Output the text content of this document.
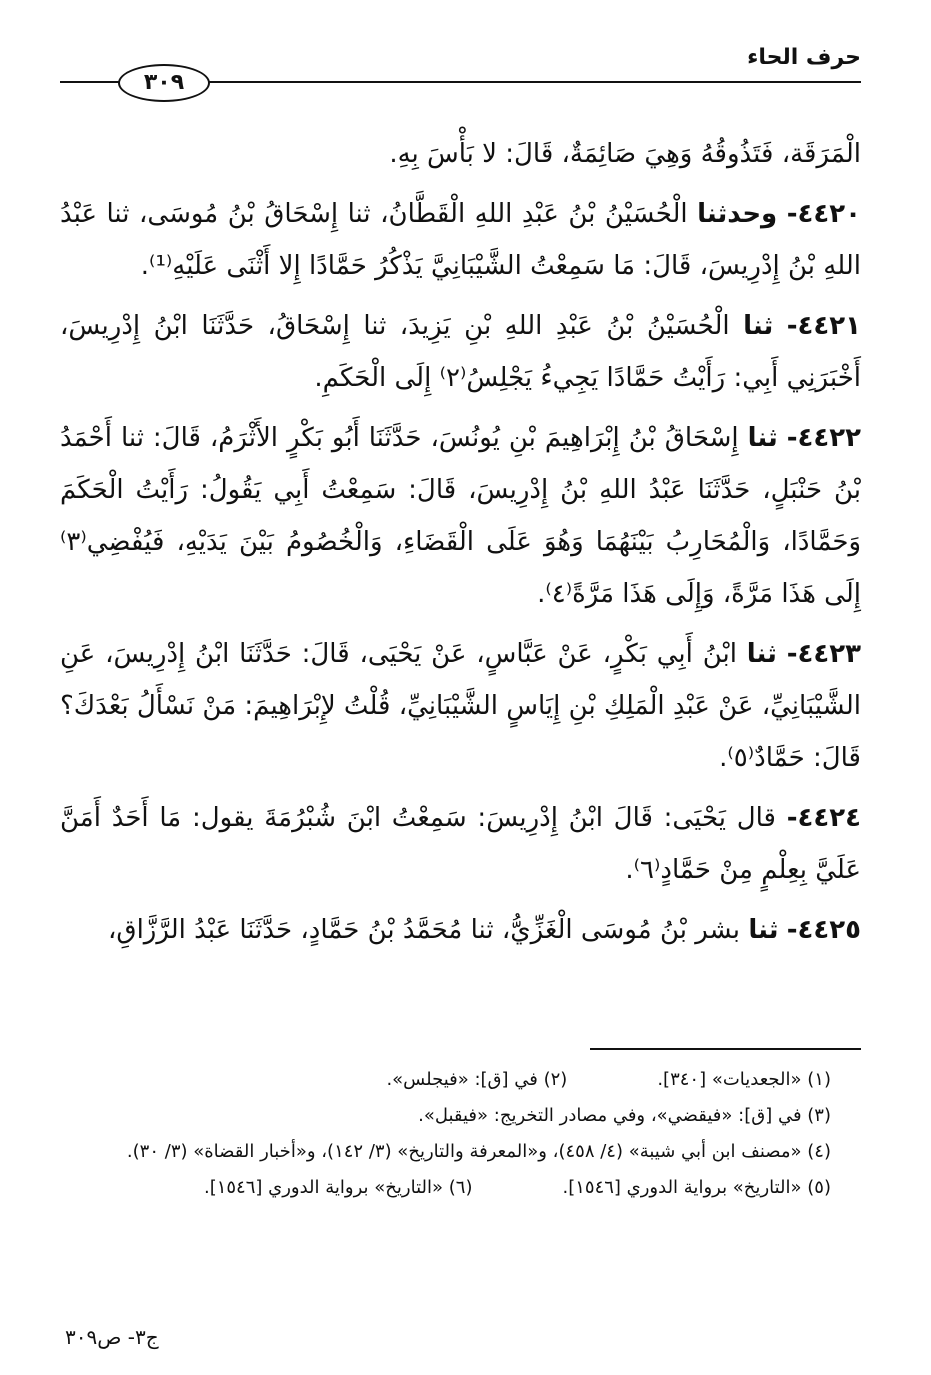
حرف الحاء
٣٠٩

الْمَرَقَة، فَتَذُوقُهُ وَهِيَ صَائِمَةٌ، قَالَ: لا بَأْسَ بِهِ.

٤٤٢٠- وحدثنا الْحُسَيْنُ بْنُ عَبْدِ اللهِ الْقَطَّانُ، ثنا إِسْحَاقُ بْنُ مُوسَى، ثنا عَبْدُ اللهِ بْنُ إِدْرِيسَ، قَالَ: مَا سَمِعْتُ الشَّيْبَانِيَّ يَذْكُرُ حَمَّادًا إِلا أَثْنَى عَلَيْهِ⁽¹⁾.

٤٤٢١- ثنا الْحُسَيْنُ بْنُ عَبْدِ اللهِ بْنِ يَزِيدَ، ثنا إِسْحَاقُ، حَدَّثَنَا ابْنُ إِدْرِيسَ، أَخْبَرَنِي أَبِي: رَأَيْتُ حَمَّادًا يَجِيءُ يَجْلِسُ⁽٢⁾ إِلَى الْحَكَمِ.

٤٤٢٢- ثنا إِسْحَاقُ بْنُ إِبْرَاهِيمَ بْنِ يُونُسَ، حَدَّثَنَا أَبُو بَكْرٍ الأَثْرَمُ، قَالَ: ثنا أَحْمَدُ بْنُ حَنْبَلٍ، حَدَّثَنَا عَبْدُ اللهِ بْنُ إِدْرِيسَ، قَالَ: سَمِعْتُ أَبِي يَقُولُ: رَأَيْتُ الْحَكَمَ وَحَمَّادًا، وَالْمُحَارِبُ بَيْنَهُمَا وَهُوَ عَلَى الْقَضَاءِ، وَالْخُصُومُ بَيْنَ يَدَيْهِ، فَيُفْضِي⁽٣⁾ إِلَى هَذَا مَرَّةً، وَإِلَى هَذَا مَرَّةً⁽٤⁾.

٤٤٢٣- ثنا ابْنُ أَبِي بَكْرٍ، عَنْ عَبَّاسٍ، عَنْ يَحْيَى، قَالَ: حَدَّثَنَا ابْنُ إِدْرِيسَ، عَنِ الشَّيْبَانِيِّ، عَنْ عَبْدِ الْمَلِكِ بْنِ إِيَاسٍ الشَّيْبَانِيِّ، قُلْتُ لإِبْرَاهِيمَ: مَنْ نَسْأَلُ بَعْدَكَ؟ قَالَ: حَمَّادٌ⁽٥⁾.

٤٤٢٤- قال يَحْيَى: قَالَ ابْنُ إِدْرِيسَ: سَمِعْتُ ابْنَ شُبْرُمَةَ يقول: مَا أَحَدٌ أَمَنَّ عَلَيَّ بِعِلْمٍ مِنْ حَمَّادٍ⁽٦⁾.

٤٤٢٥- ثنا بشر بْنُ مُوسَى الْغَزِّيُّ، ثنا مُحَمَّدُ بْنُ حَمَّادٍ، حَدَّثَنَا عَبْدُ الرَّزَّاقِ،

(١) «الجعديات» [٣٤٠].
(٢) في [ق]: «فيجلس».
(٣) في [ق]: «فيقضي»، وفي مصادر التخريج: «فيقبل».
(٤) «مصنف ابن أبي شيبة» (٤/ ٤٥٨)، و«المعرفة والتاريخ» (٣/ ١٤٢)، و«أخبار القضاة» (٣/ ٣٠).
(٥) «التاريخ» برواية الدوري [١٥٤٦].
(٦) «التاريخ» برواية الدوري [١٥٤٦].
ج٣- ص٣٠٩
